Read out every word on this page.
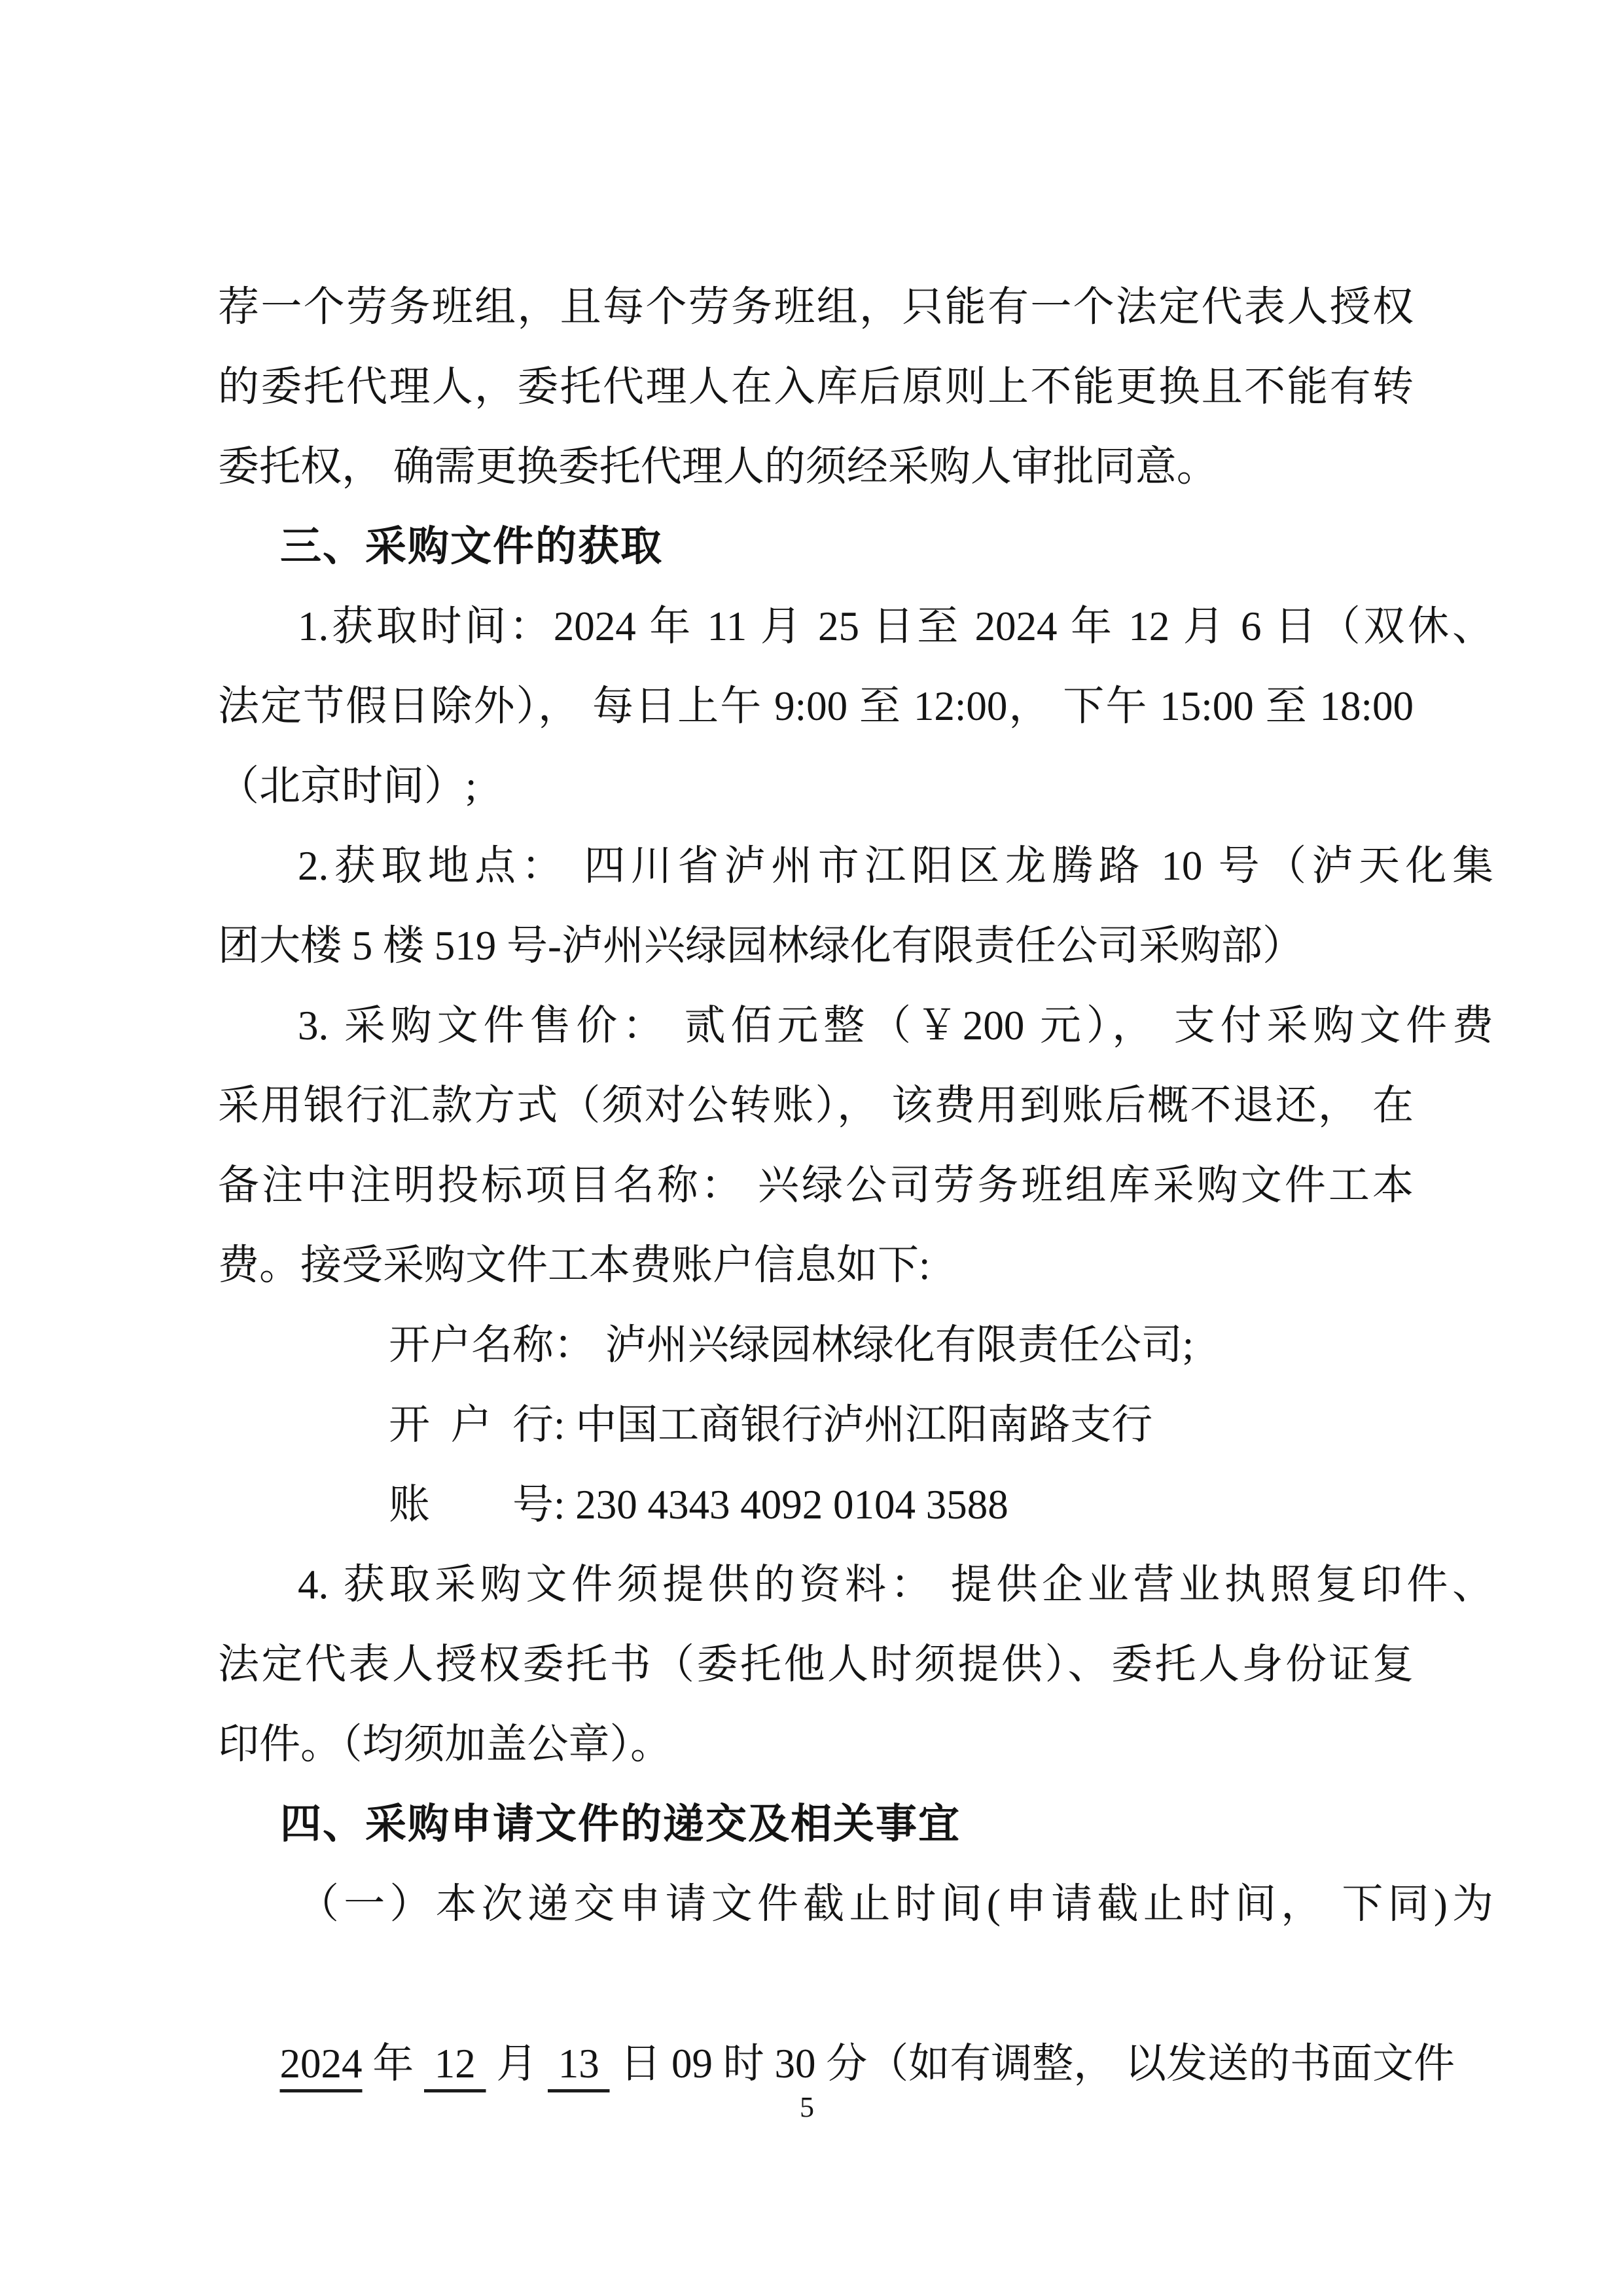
荐一个劳务班组，且每个劳务班组，只能有一个法定代表人授权
的委托代理人，委托代理人在入库后原则上不能更换且不能有转
委托权， 确需更换委托代理人的须经采购人审批同意。
三、采购文件的获取
1.获取时间：2024 年 11 月 25 日至 2024 年 12 月 6 日（双休、
法定节假日除外）， 每日上午 9:00 至 12:00， 下午 15:00 至 18:00
（北京时间）;
2.获取地点： 四川省泸州市江阳区龙腾路 10 号（泸天化集
团大楼 5 楼 519 号-泸州兴绿园林绿化有限责任公司采购部）
3. 采购文件售价： 贰佰元整（￥200 元）， 支付采购文件费
采用银行汇款方式（须对公转账）， 该费用到账后概不退还， 在
备注中注明投标项目名称： 兴绿公司劳务班组库采购文件工本
费。接受采购文件工本费账户信息如下:
开户名称： 泸州兴绿园林绿化有限责任公司;
开  户  行: 中国工商银行泸州江阳南路支行
账　　号: 230 4343 4092 0104 3588
4. 获取采购文件须提供的资料： 提供企业营业执照复印件、
法定代表人授权委托书（委托他人时须提供）、委托人身份证复
印件。（均须加盖公章）。
四、采购申请文件的递交及相关事宜
（一）本次递交申请文件截止时间(申请截止时间， 下同)为

2024 年  12  月  13  日 09 时 30 分（如有调整， 以发送的书面文件

5
